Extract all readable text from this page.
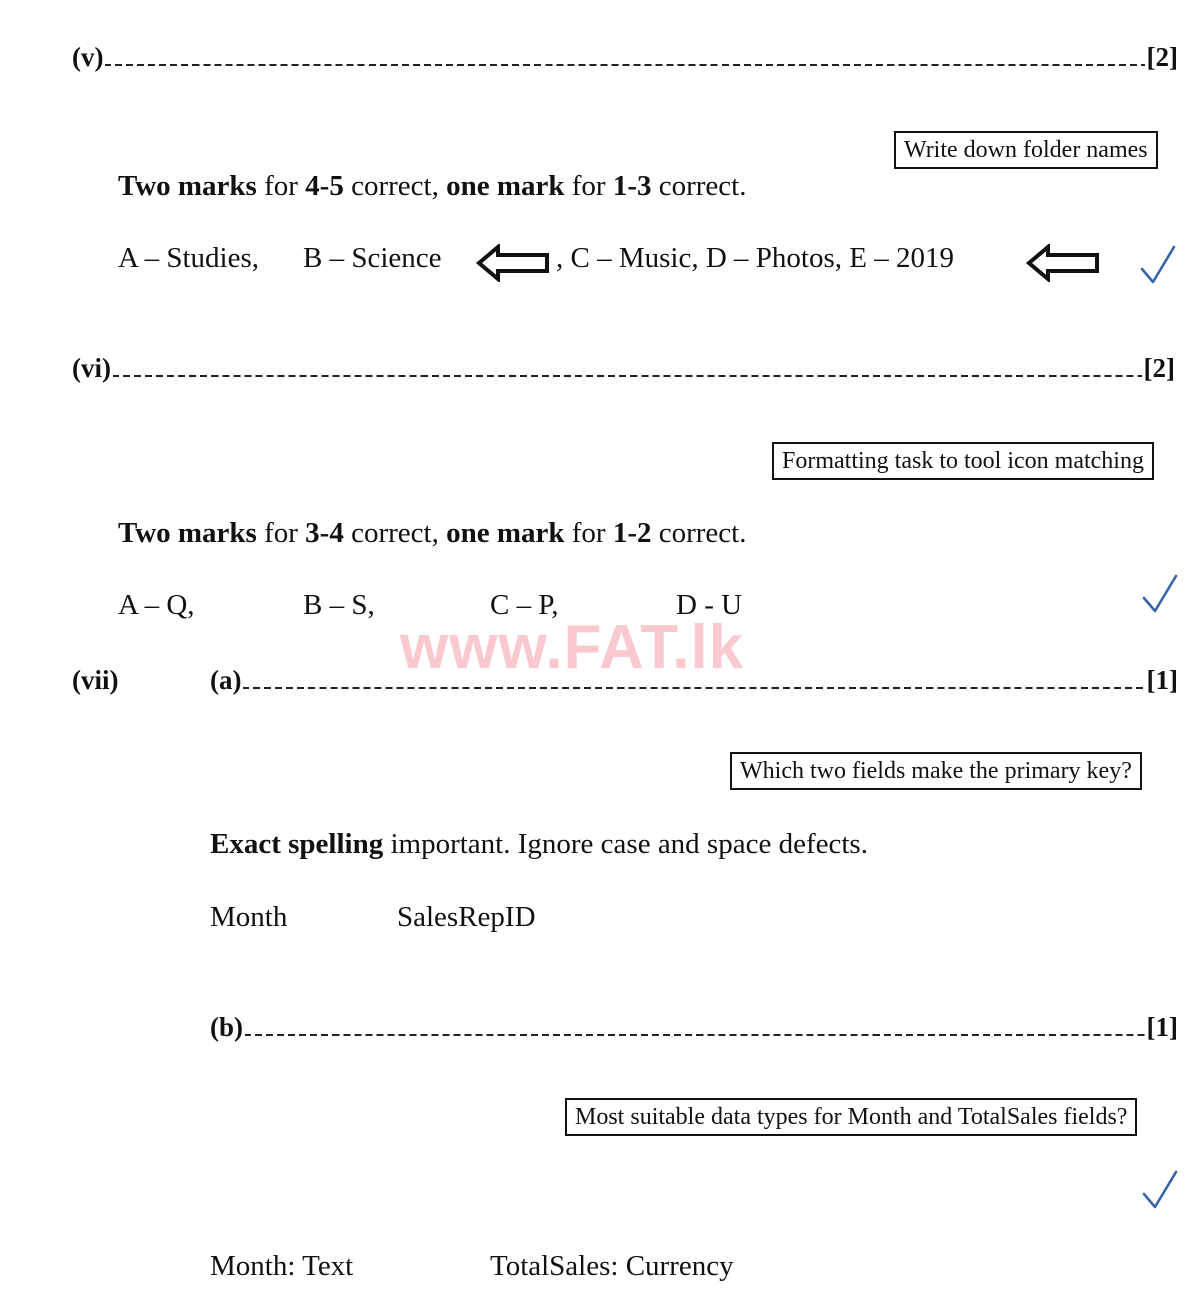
www.FAT.lk
(v)	[2]
Write down folder names
Two marks for 4-5 correct, one mark for 1-3 correct.
A – Studies, B – Science	, C – Music, D – Photos, E – 2019
(vi)	[2]
Formatting task to tool icon matching
Two marks for 3-4 correct, one mark for 1-2 correct.
A – Q,	B – S,	C – P,	D - U
(vii)	(a)	[1]
Which two fields make the primary key?
Exact spelling important. Ignore case and space defects.
Month	SalesRepID
(b)	[1]
Most suitable data types for Month and TotalSales fields?
Month: Text	TotalSales: Currency
